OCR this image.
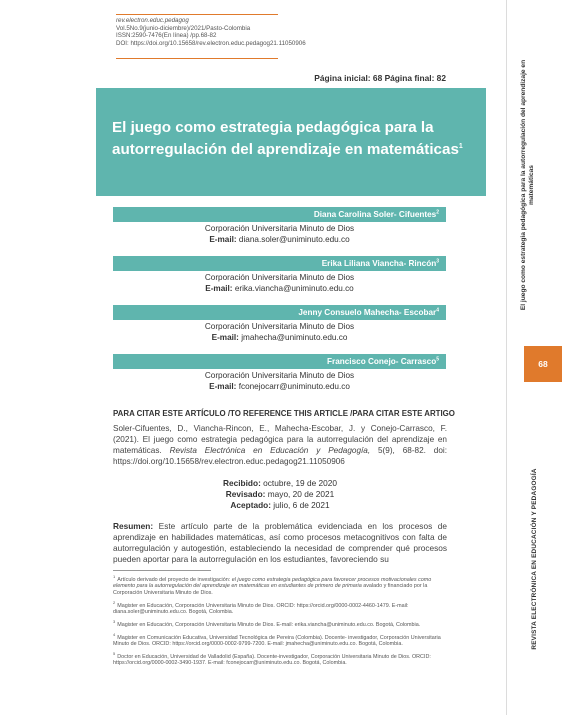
rev.electron.educ.pedagog
Vol.5No.9(junio-diciembre)/2021/Pasto-Colombia
ISSN:2590-7476(En línea) /pp.68-82
DOI: https://doi.org/10.15658/rev.electron.educ.pedagog21.11050906
Página inicial: 68 Página final: 82
El juego como estrategia pedagógica para la autorregulación del aprendizaje en matemáticas$^1$
Diana Carolina Soler- Cifuentes$^2$
Corporación Universitaria Minuto de Dios
E-mail: diana.soler@uniminuto.edu.co
Erika Liliana Viancha- Rincón$^3$
Corporación Universitaria Minuto de Dios
E-mail: erika.viancha@uniminuto.edu.co
Jenny Consuelo Mahecha- Escobar$^4$
Corporación Universitaria Minuto de Dios
E-mail: jmahecha@uniminuto.edu.co
Francisco Conejo- Carrasco$^5$
Corporación Universitaria Minuto de Dios
E-mail: fconejocarr@uniminuto.edu.co
PARA CITAR ESTE ARTÍCULO /TO REFERENCE THIS ARTICLE /PARA CITAR ESTE ARTIGO
Soler-Cifuentes, D., Viancha-Rincon, E., Mahecha-Escobar, J. y Conejo-Carrasco, F. (2021). El juego como estrategia pedagógica para la autorregulación del aprendizaje en matemáticas. Revista Electrónica en Educación y Pedagogía, 5(9), 68-82. doi: https://doi.org/10.15658/rev.electron.educ.pedagog21.11050906
Recibido: octubre, 19 de 2020
Revisado: mayo, 20 de 2021
Aceptado: julio, 6 de 2021
Resumen: Este artículo parte de la problemática evidenciada en los procesos de aprendizaje en habilidades matemáticas, así como procesos metacognitivos con falta de autorregulación y autogestión, estableciendo la necesidad de comprender qué procesos pueden aportar para la autorregulación en los estudiantes, favoreciendo su
$^1$Artículo derivado del proyecto de investigación: el juego como estrategia pedagógica para favorecer procesos motivacionales como elemento para la autorregulación del aprendizaje en matemáticas en estudiantes de primero de primaria avalado y financiado por la Corporación Universitaria Minuto de Dios.
$^2$Magister en Educación, Corporación Universitaria Minuto de Dios. ORCID: https://orcid.org/0000-0002-4460-1479. E-mail: diana.soler@uniminuto.edu.co. Bogotá, Colombia.
$^3$Magister en Educación, Corporación Universitaria Minuto de Dios. E-mail: erika.viancha@uniminuto.edu.co. Bogotá, Colombia.
$^4$Magister en Comunicación Educativa, Universidad Tecnológica de Pereira (Colombia). Docente- investigador, Corporación Universitaria Minuto de Dios. ORCID: https://orcid.org/0000-0002-9799-7200. E-mail: jmahecha@uniminuto.edu.co. Bogotá, Colombia.
$^5$Doctor en Educación, Universidad de Valladolid (España). Docente-investigador, Corporación Universitaria Minuto de Dios. ORCID: https://orcid.org/0000-0002-3490-1937. E-mail: fconejocarr@uniminuto.edu.co. Bogotá, Colombia.
El juego como estrategia pedagógica para la autorregulación del aprendizaje en matemáticas
68
REVISTA ELECTRÓNICA EN EDUCACIÓN Y PEDAGOGÍA
